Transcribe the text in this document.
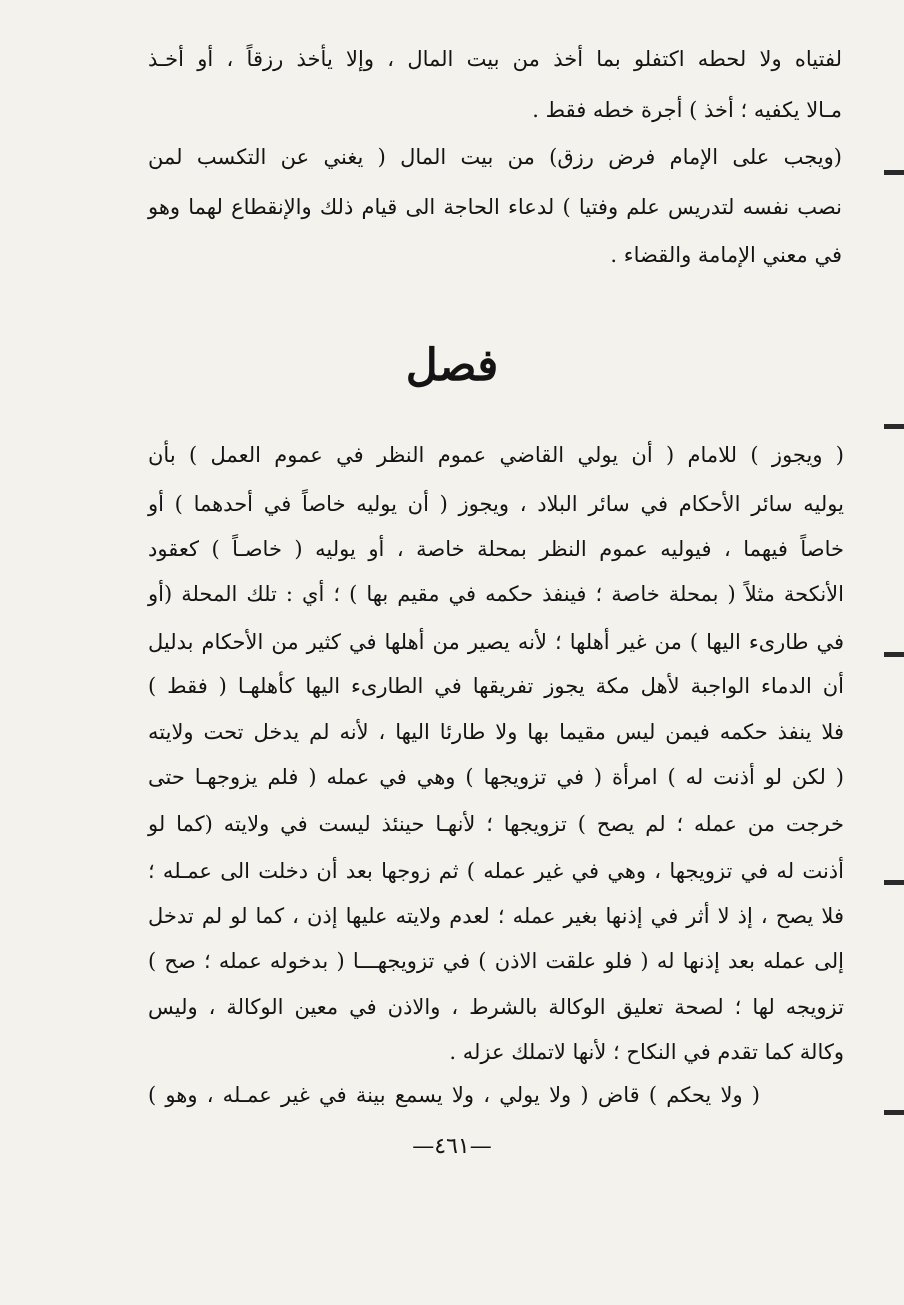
لفتياه ولا لحطه اكتفلو بما أخذ من بيت المال ، وإلا يأخذ رزقاً ، أو أخـذ
مـالا يكفيه ؛ أخذ ) أجرة خطه فقط .
(ويجب على الإمام فرض رزق) من بيت المال ( يغني عن التكسب لمن
نصب نفسه لتدريس علم وفتيا ) لدعاء الحاجة الى قيام ذلك والإنقطاع لهما وهو
في معني الإمامة والقضاء .
فصل
( ويجوز ) للامام ( أن يولي القاضي عموم النظر في عموم العمل ) بأن
يوليه سائر الأحكام في سائر البلاد ، ويجوز ( أن يوليه خاصاً في أحدهما ) أو
خاصاً فيهما ، فيوليه عموم النظر بمحلة خاصة ، أو يوليه ( خاصـاً ) كعقود
الأنكحة مثلاً ( بمحلة خاصة ؛ فينفذ حكمه في مقيم بها ) ؛ أي : تلك المحلة (أو
في طارىء اليها ) من غير أهلها ؛ لأنه يصير من أهلها في كثير من الأحكام بدليل
أن الدماء الواجبة لأهل مكة يجوز تفريقها في الطارىء اليها كأهلهـا ( فقط )
فلا ينفذ حكمه فيمن ليس مقيما بها ولا طارئا اليها ، لأنه لم يدخل تحت ولايته
( لكن لو أذنت له ) امرأة ( في تزويجها ) وهي في عمله ( فلم يزوجهـا حتى
خرجت من عمله ؛ لم يصح ) تزويجها ؛ لأنهـا حينئذ ليست في ولايته (كما لو
أذنت له في تزويجها ، وهي في غير عمله ) ثم زوجها بعد أن دخلت الى عمـله ؛
فلا يصح ، إذ لا أثر في إذنها بغير عمله ؛ لعدم ولايته عليها إذن ، كما لو لم تدخل
إلى عمله بعد إذنها له ( فلو علقت الاذن ) في تزويجهـــا ( بدخوله عمله ؛ صح )
تزويجه لها ؛ لصحة تعليق الوكالة بالشرط ، والاذن في معين الوكالة ، وليس
وكالة كما تقدم في النكاح ؛ لأنها لاتملك عزله .
( ولا يحكم ) قاض ( ولا يولي ، ولا يسمع بينة في غير عمـله ، وهو )
—٤٦١—
